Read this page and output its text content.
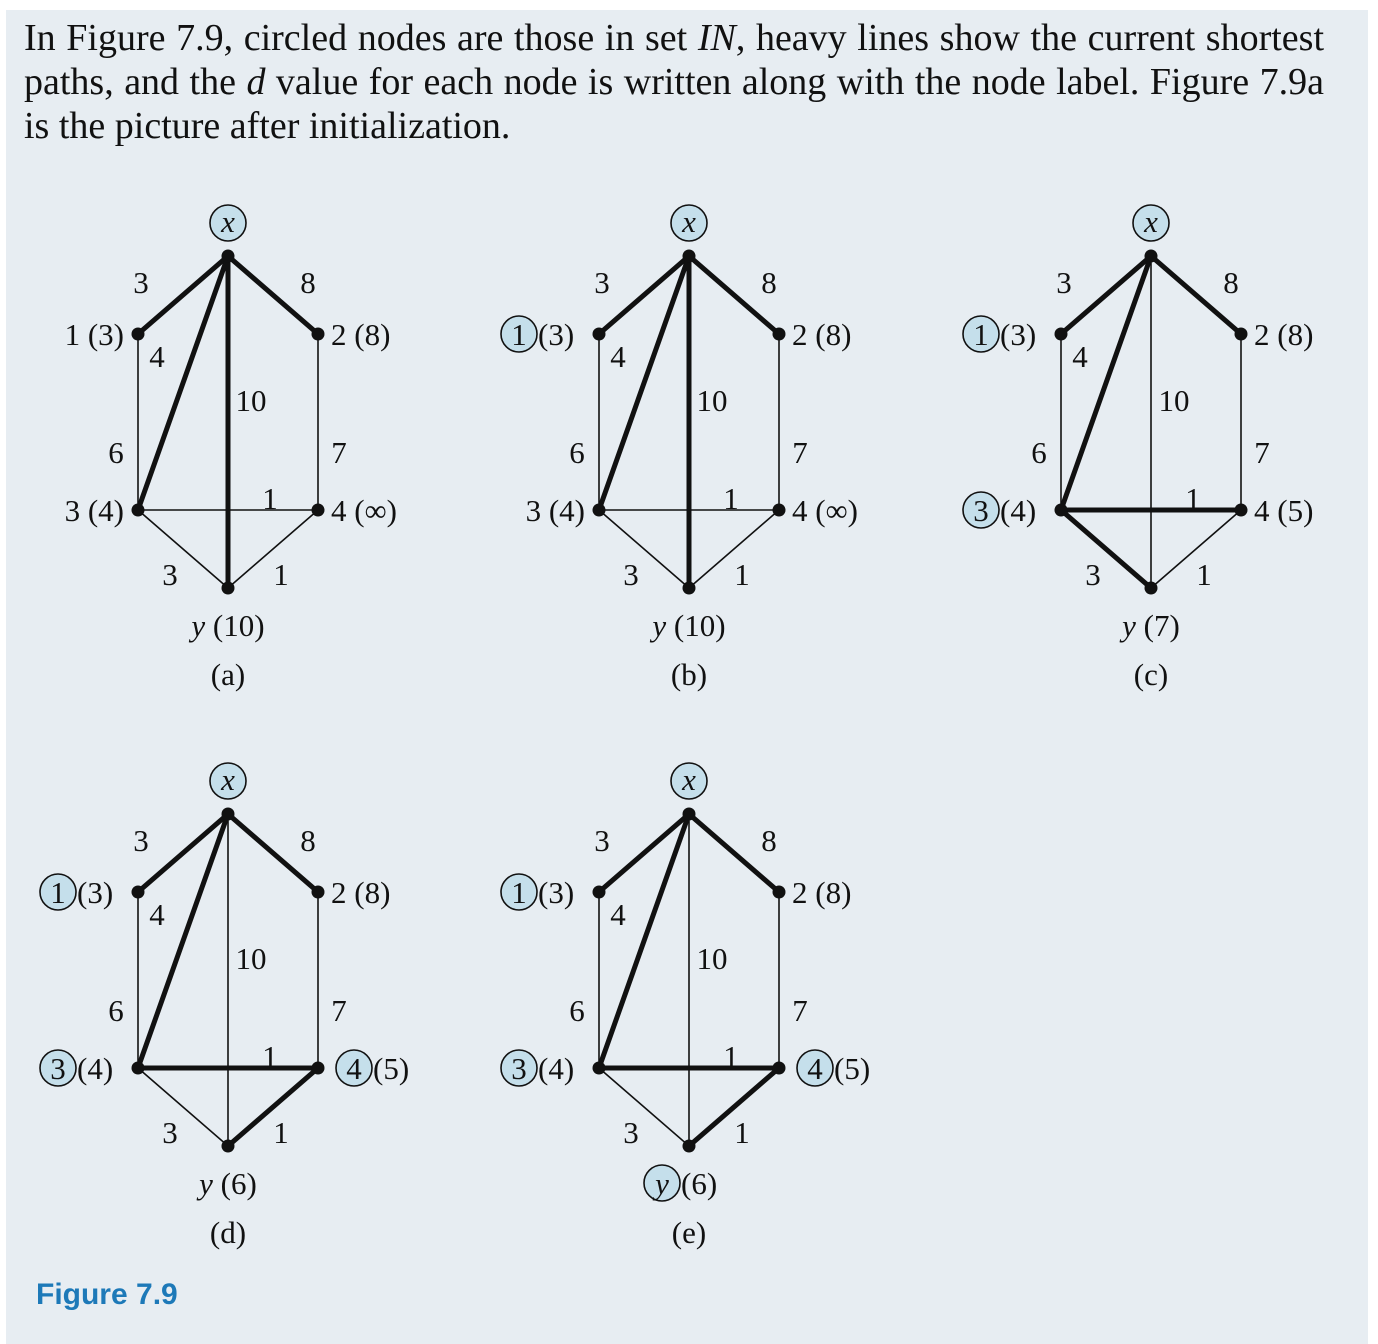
In Figure 7.9, circled nodes are those in set IN, heavy lines show the current shortest paths, and the d value for each node is written along with the node label. Figure 7.9a is the picture after initialization.

3	8
4
10
6	7
1
3	1
x
1 (3)	2 (8)
3 (4)	4 (∞)
y (10)
(a)
3	8
4
10
6	7
1
3	1
x
1 (3)	2 (8)
3 (4)	4 (∞)
y (10)
(b)
3	8
4
10
6	7
1
3	1
x
1 (3)	2 (8)
3 (4)	4 (5)
y (7)
(c)
3	8
4
10
6	7
1
3	1
x
1 (3)	2 (8)
3 (4)	4 (5)
y (6)
(d)
3	8
4
10
6	7
1
3	1
x
1 (3)	2 (8)
3 (4)	4 (5)
y (6)
(e)
Figure 7.9
